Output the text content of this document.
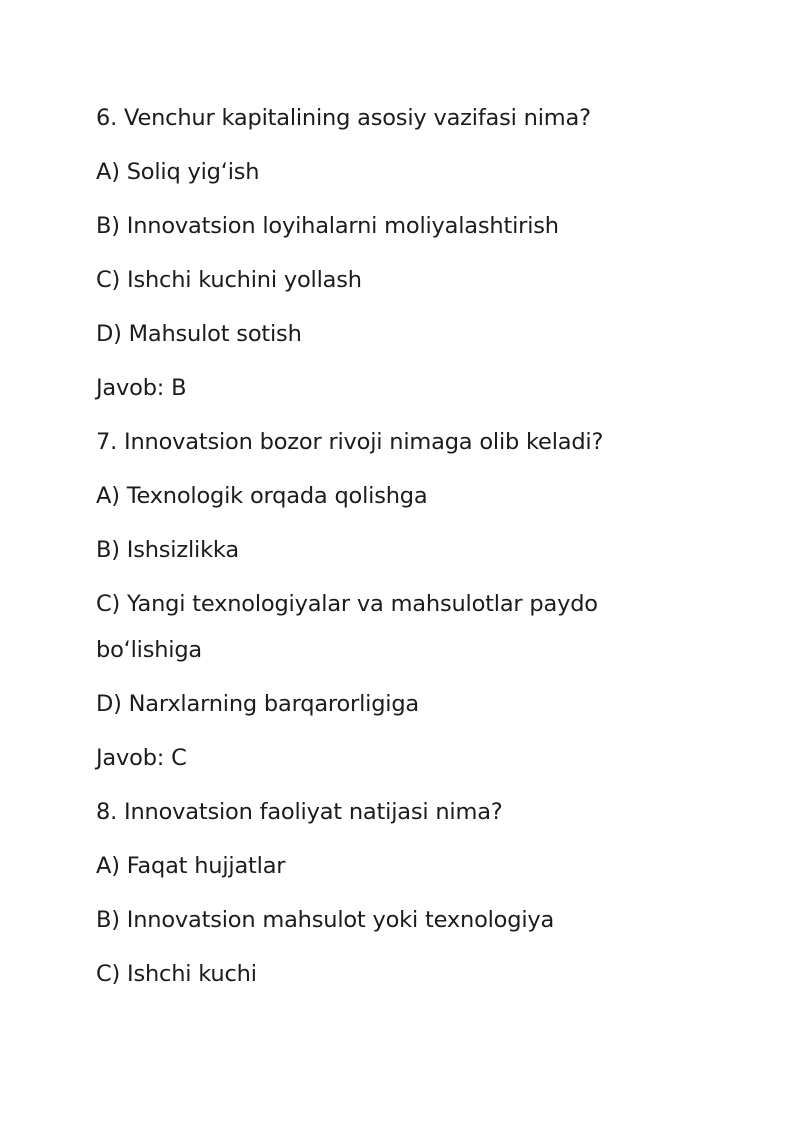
6. Venchur kapitalining asosiy vazifasi nima?
A) Soliq yig‘ish
B) Innovatsion loyihalarni moliyalashtirish
C) Ishchi kuchini yollash
D) Mahsulot sotish
Javob: B
7. Innovatsion bozor rivoji nimaga olib keladi?
A) Texnologik orqada qolishga
B) Ishsizlikka
C) Yangi texnologiyalar va mahsulotlar paydo
bo‘lishiga
D) Narxlarning barqarorligiga
Javob: C
8. Innovatsion faoliyat natijasi nima?
A) Faqat hujjatlar
B) Innovatsion mahsulot yoki texnologiya
C) Ishchi kuchi
